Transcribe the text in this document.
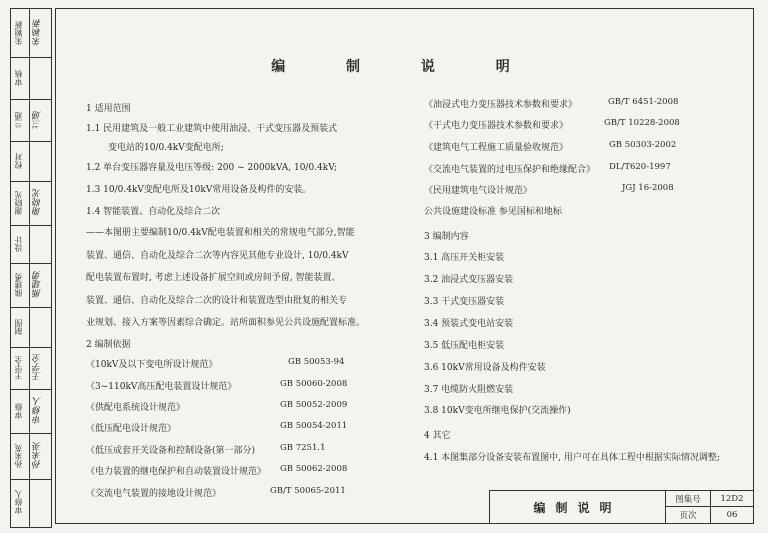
朱颖新	朱颖新
审核
兰通	兰通
校对
谢晓光	谢晓光
设计
熊建勇	熊建勇
制图
王学全	王学全
审修	审修人
孙来英	孙来英
审修人
编 制 说 明
1 适用范围
1.1 民用建筑及一般工业建筑中使用油浸、干式变压器及预装式
变电站的10/0.4kV变配电所;
1.2 单台变压器容量及电压等级: 200 ~ 2000kVA, 10/0.4kV;
1.3 10/0.4kV变配电所及10kV常用设备及构件的安装。
1.4 智能装置、自动化及综合二次
——本图册主要编制10/0.4kV配电装置和相关的常规电气部分,智能
装置、通信、自动化及综合二次等内容见其他专业设计, 10/0.4kV
配电装置布置时, 考虑上述设备扩展空间或房间予留, 智能装置、
装置、通信、自动化及综合二次的设计和装置选型由批复的相关专
业规划、接入方案等因素综合确定。站所面积参见公共设施配置标准。
2 编制依据
《10kV及以下变电所设计规范》	GB 50053-94
《3~110kV高压配电装置设计规范》	GB 50060-2008
《供配电系统设计规范》	GB 50052-2009
《低压配电设计规范》	GB 50054-2011
《低压成套开关设备和控制设备(第一部分)	GB 7251.1
《电力装置的继电保护和自动装置设计规范》 GB 50062-2008
《交流电气装置的接地设计规范》	GB/T 50065-2011
《油浸式电力变压器技术参数和要求》	GB/T 6451-2008
《干式电力变压器技术参数和要求》	GB/T 10228-2008
《建筑电气工程施工质量验收规范》	GB 50303-2002
《交流电气装置的过电压保护和绝缘配合》 DL/T620-1997
《民用建筑电气设计规范》	JGJ 16-2008
公共设施建设标准 参见国标和地标
3 编制内容
3.1 高压开关柜安装
3.2 油浸式变压器安装
3.3 干式变压器安装
3.4 预装式变电站安装
3.5 低压配电柜安装
3.6 10kV常用设备及构件安装
3.7 电缆防火阻燃安装
3.8 10kV变电所继电保护(交流操作)
4 其它
4.1 本图集部分设备安装布置图中, 用户可在具体工程中根据实际情况调整;
编制说明
图集号	12D2
页次	06
